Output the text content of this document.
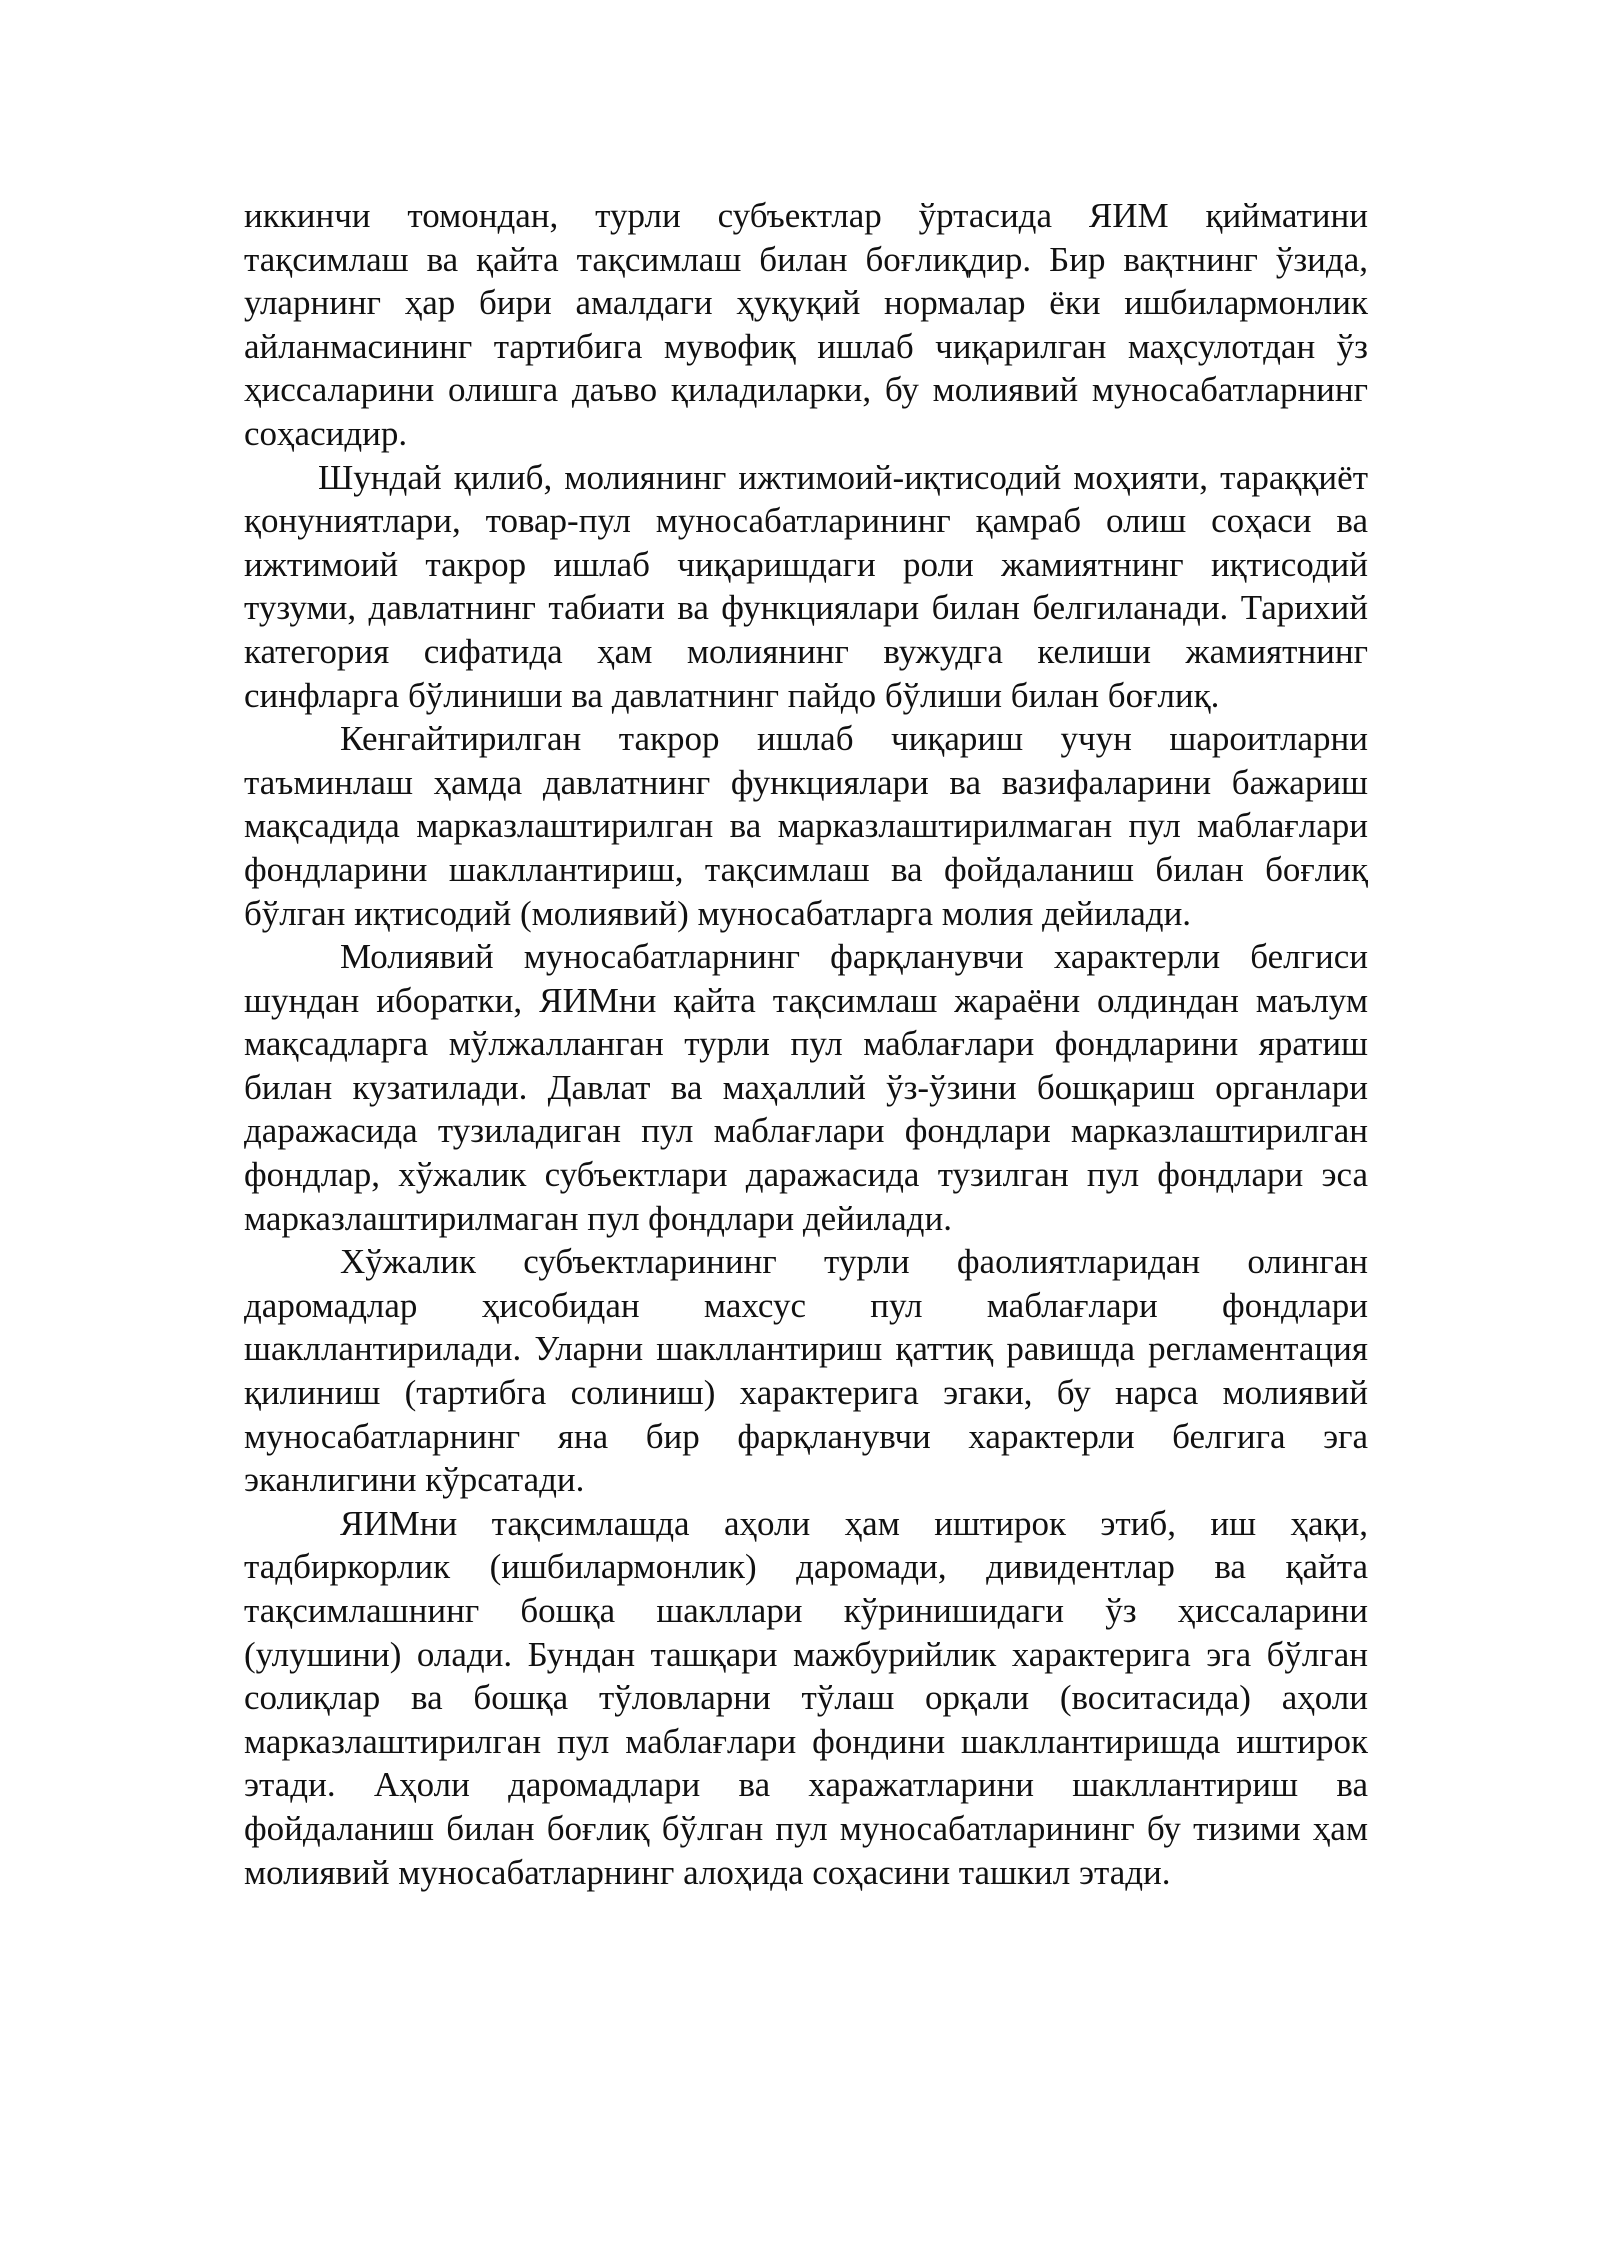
иккинчи томондан, турли субъектлар ўртасида ЯИМ қийматини тақсимлаш ва қайта тақсимлаш билан боғлиқдир. Бир вақтнинг ўзида, уларнинг ҳар бири амалдаги ҳуқуқий нормалар ёки ишбилармонлик айланмасининг тартибига мувофиқ ишлаб чиқарилган маҳсулотдан ўз ҳиссаларини олишга даъво қиладиларки, бу молиявий муносабатларнинг соҳасидир.

Шундай қилиб, молиянинг ижтимоий-иқтисодий моҳияти, тараққиёт қонуниятлари, товар-пул муносабатларининг қамраб олиш соҳаси ва ижтимоий такрор ишлаб чиқаришдаги роли жамиятнинг иқтисодий тузуми, давлатнинг табиати ва функциялари билан белгиланади. Тарихий категория сифатида ҳам молиянинг вужудга келиши жамиятнинг синфларга бўлиниши ва давлатнинг пайдо бўлиши билан боғлиқ.

Кенгайтирилган такрор ишлаб чиқариш учун шароитларни таъминлаш ҳамда давлатнинг функциялари ва вазифаларини бажариш мақсадида марказлаштирилган ва марказлаштирилмаган пул маблағлари фондларини шакллантириш, тақсимлаш ва фойдаланиш билан боғлиқ бўлган иқтисодий (молиявий) муносабатларга молия дейилади.

Молиявий муносабатларнинг фарқланувчи характерли белгиси шундан иборатки, ЯИМни қайта тақсимлаш жараёни олдиндан маълум мақсадларга мўлжалланган турли пул маблағлари фондларини яратиш билан кузатилади. Давлат ва маҳаллий ўз-ўзини бошқариш органлари даражасида тузиладиган пул маблағлари фондлари марказлаштирилган фондлар, хўжалик субъектлари даражасида тузилган пул фондлари эса марказлаштирилмаган пул фондлари дейилади.

Хўжалик субъектларининг турли фаолиятларидан олинган даромадлар ҳисобидан махсус пул маблағлари фондлари шакллантирилади. Уларни шакллантириш қаттиқ равишда регламентация қилиниш (тартибга солиниш) характерига эгаки, бу нарса молиявий муносабатларнинг яна бир фарқланувчи характерли белгига эга эканлигини кўрсатади.

ЯИМни тақсимлашда аҳоли ҳам иштирок этиб, иш ҳақи, тадбиркорлик (ишбилармонлик) даромади, дивидентлар ва қайта тақсимлашнинг бошқа шакллари кўринишидаги ўз ҳиссаларини (улушини) олади. Бундан ташқари мажбурийлик характерига эга бўлган солиқлар ва бошқа тўловларни тўлаш орқали (воситасида) аҳоли марказлаштирилган пул маблағлари фондини шакллантиришда иштирок этади. Аҳоли даромадлари ва харажатларини шакллантириш ва фойдаланиш билан боғлиқ бўлган пул муносабатларининг бу тизими ҳам молиявий муносабатларнинг алоҳида соҳасини ташкил этади.
